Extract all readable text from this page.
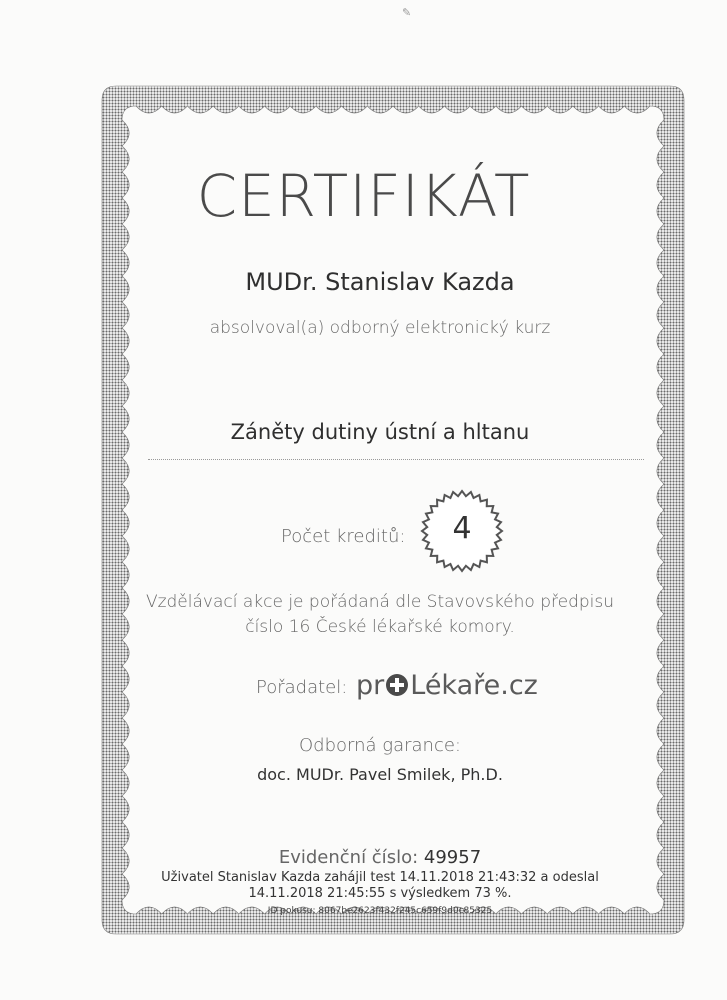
✎
CERTIFIKÁT
MUDr. Stanislav Kazda
absolvoval(a) odborný elektronický kurz
Záněty dutiny ústní a hltanu
Počet kreditů:	4
Vzdělávací akce je pořádaná dle Stavovského předpisu
číslo 16 České lékařské komory.
Pořadatel: pr Lékaře.cz
Odborná garance:
doc. MUDr. Pavel Smilek, Ph.D.
Evidenční číslo: 49957
Uživatel Stanislav Kazda zahájil test 14.11.2018 21:43:32 a odeslal
14.11.2018 21:45:55 s výsledkem 73 %.
ID pokusu: 8067be2623f432f245c659f9d0c85325
